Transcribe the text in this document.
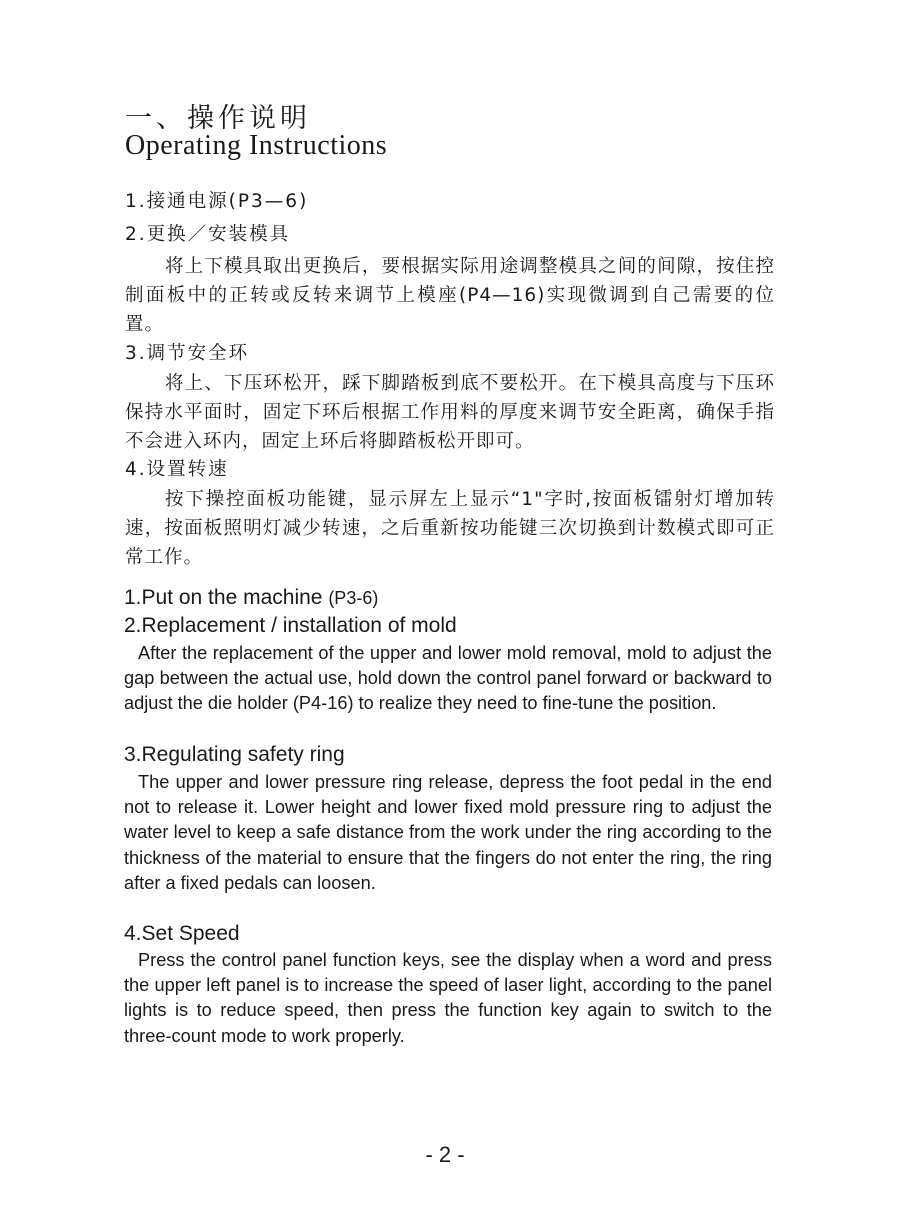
一、操作说明
Operating Instructions

1.接通电源(P3—6)

2.更换／安装模具

将上下模具取出更换后，要根据实际用途调整模具之间的间隙，按住控制面板中的正转或反转来调节上模座(P4—16)实现微调到自己需要的位置。

3.调节安全环

将上、下压环松开，踩下脚踏板到底不要松开。在下模具高度与下压环保持水平面时，固定下环后根据工作用料的厚度来调节安全距离，确保手指不会进入环内，固定上环后将脚踏板松开即可。

4.设置转速

按下操控面板功能键，显示屏左上显示“1"字时,按面板镭射灯增加转速，按面板照明灯减少转速，之后重新按功能键三次切换到计数模式即可正常工作。

1.Put on the machine (P3-6)

2.Replacement / installation of mold

After the replacement of the upper and lower mold removal, mold to adjust the gap between the actual use, hold down the control panel forward or backward to adjust the die holder (P4-16) to realize they need to fine-tune the position.

3.Regulating safety ring

The upper and lower pressure ring release, depress the foot pedal in the end not to release it. Lower height and lower fixed mold pressure ring to adjust the water level to keep a safe distance from the work under the ring according to the thickness of the material to ensure that the fingers do not enter the ring, the ring after a fixed pedals can loosen.

4.Set Speed

Press the control panel function keys, see the display when a word and press the upper left panel is to increase the speed of laser light, according to the panel lights is to reduce speed, then press the function key again to switch to the three-count mode to work properly.

- 2 -
